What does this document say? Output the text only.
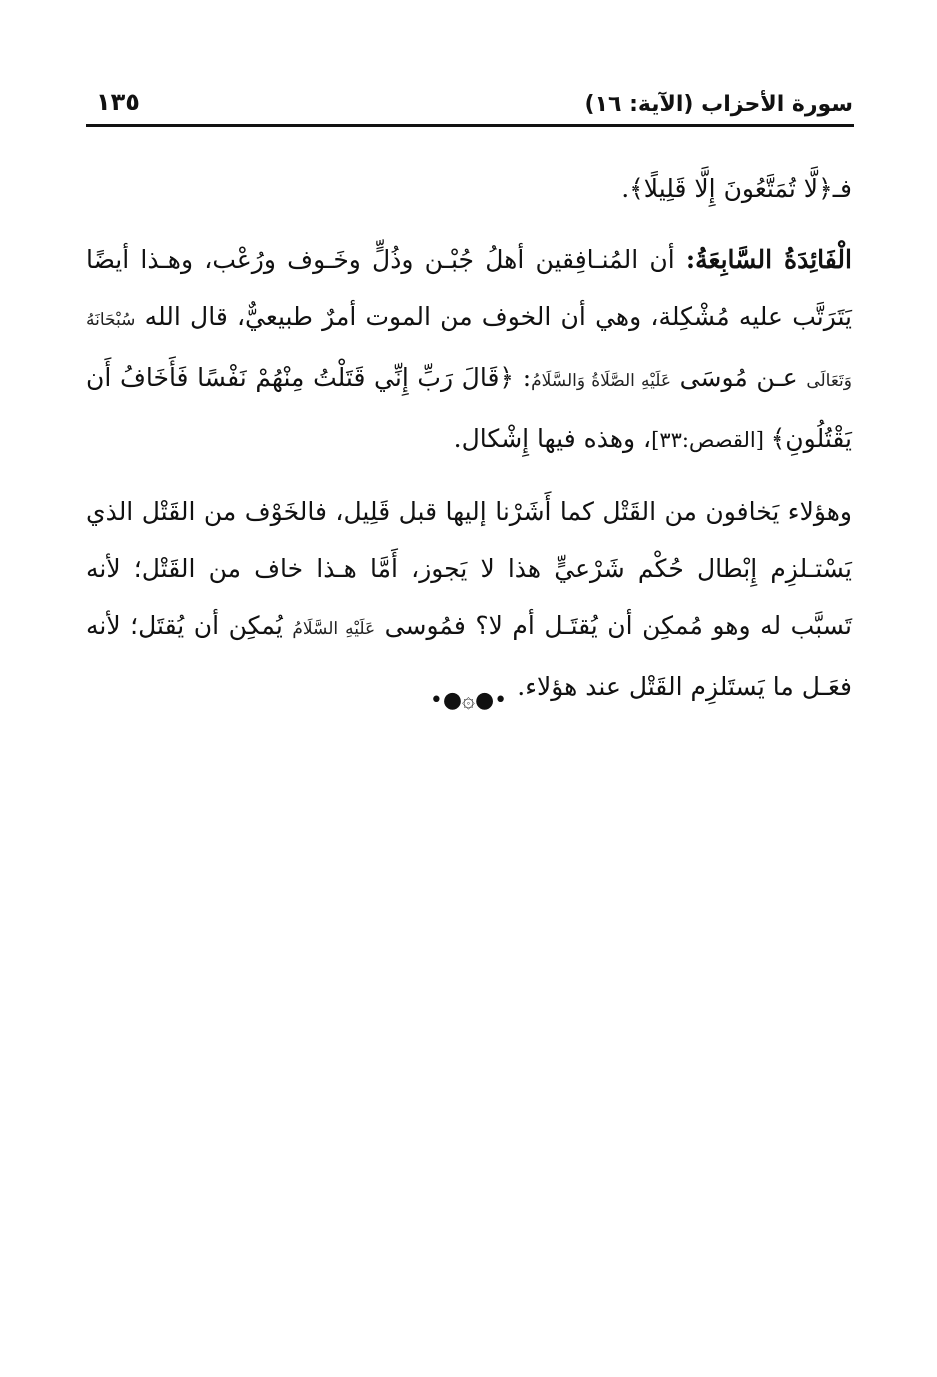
سورة الأحزاب (الآية: ١٦)
١٣٥

فـ﴿لَّا تُمَتَّعُونَ إِلَّا قَلِيلًا﴾.

الْفَائِدَةُ السَّابِعَةُ: أن المُنـافِقين أهلُ جُبْـن وذُلٍّ وخَـوف ورُعْب، وهـذا أيضًا يَتَرَتَّب عليه مُشْكِلة، وهي أن الخوف من الموت أمرٌ طبيعيٌّ، قال الله سُبْحَانَهُ وَتَعَالَى عـن مُوسَى عَلَيْهِ الصَّلَاةُ وَالسَّلَامُ: ﴿قَالَ رَبِّ إِنِّي قَتَلْتُ مِنْهُمْ نَفْسًا فَأَخَافُ أَن يَقْتُلُونِ﴾ [القصص:٣٣]، وهذه فيها إِشْكال.

وهؤلاء يَخافون من القَتْل كما أَشَرْنا إليها قبل قَلِيل، فالخَوْف من القَتْل الذي يَسْتـلزِم إِبْطال حُكْم شَرْعيٍّ هذا لا يَجوز، أَمَّا هـذا خاف من القَتْل؛ لأنه تَسبَّب له وهو مُمكِن أن يُقتَـل أم لا؟ فمُوسى عَلَيْهِ السَّلَامُ يُمكِن أن يُقتَل؛ لأنه فعَـل ما يَستَلزِم القَتْل عند هؤلاء.

•●۞●•
